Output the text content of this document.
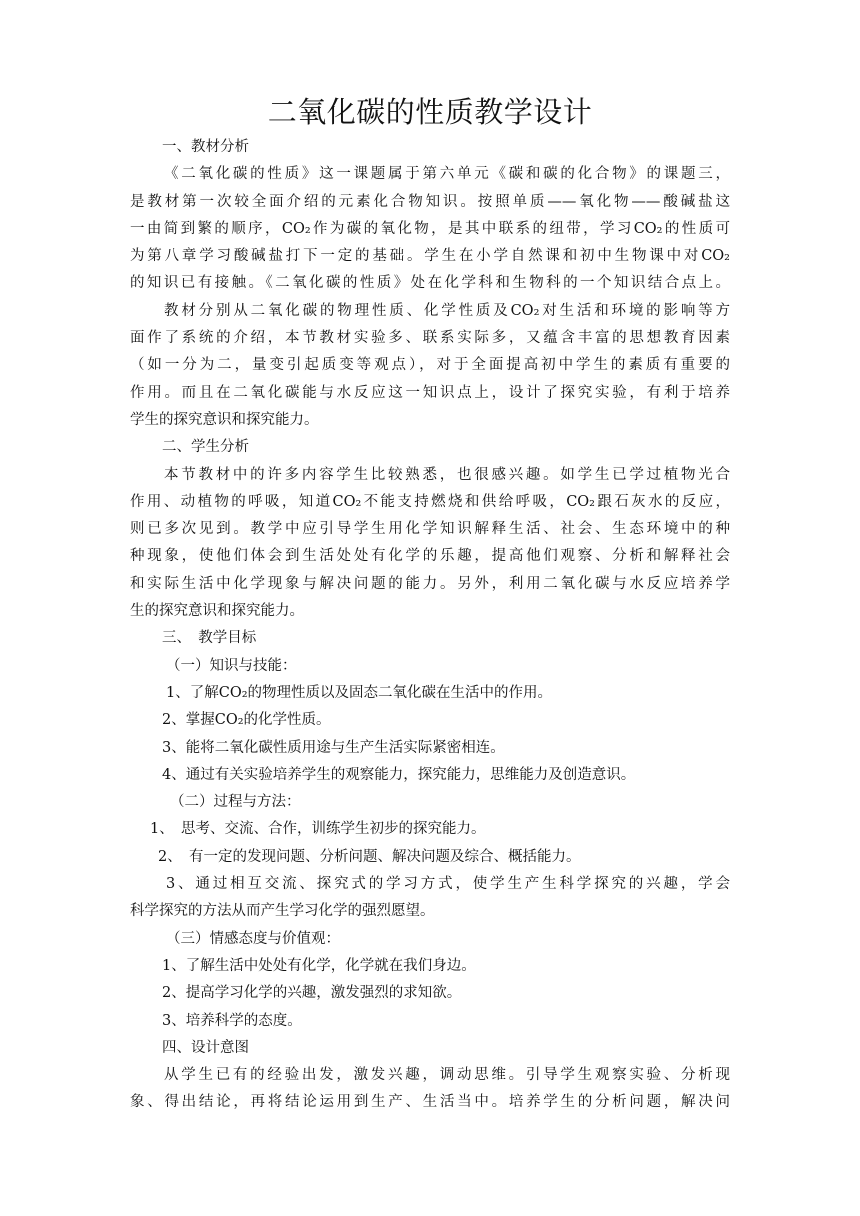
二氧化碳的性质教学设计
一、教材分析
《二氧化碳的性质》这一课题属于第六单元《碳和碳的化合物》的课题三，
是教材第一次较全面介绍的元素化合物知识。按照单质——氧化物——酸碱盐这
一由简到繁的顺序，CO₂作为碳的氧化物，是其中联系的纽带，学习CO₂的性质可
为第八章学习酸碱盐打下一定的基础。学生在小学自然课和初中生物课中对CO₂
的知识已有接触。《二氧化碳的性质》处在化学科和生物科的一个知识结合点上。
教材分别从二氧化碳的物理性质、化学性质及CO₂对生活和环境的影响等方
面作了系统的介绍，本节教材实验多、联系实际多，又蕴含丰富的思想教育因素
（如一分为二，量变引起质变等观点），对于全面提高初中学生的素质有重要的
作用。而且在二氧化碳能与水反应这一知识点上，设计了探究实验，有利于培养
学生的探究意识和探究能力。
二、学生分析
本节教材中的许多内容学生比较熟悉，也很感兴趣。如学生已学过植物光合
作用、动植物的呼吸，知道CO₂不能支持燃烧和供给呼吸，CO₂跟石灰水的反应，
则已多次见到。教学中应引导学生用化学知识解释生活、社会、生态环境中的种
种现象，使他们体会到生活处处有化学的乐趣，提高他们观察、分析和解释社会
和实际生活中化学现象与解决问题的能力。另外，利用二氧化碳与水反应培养学
生的探究意识和探究能力。
三、　教学目标
（一）知识与技能：
1、了解CO₂的物理性质以及固态二氧化碳在生活中的作用。
2、掌握CO₂的化学性质。
3、能将二氧化碳性质用途与生产生活实际紧密相连。
4、通过有关实验培养学生的观察能力，探究能力，思维能力及创造意识。
（二）过程与方法：
1、　思考、交流、合作，训练学生初步的探究能力。
2、　有一定的发现问题、分析问题、解决问题及综合、概括能力。
3、通过相互交流、探究式的学习方式，使学生产生科学探究的兴趣，学会
科学探究的方法从而产生学习化学的强烈愿望。
（三）情感态度与价值观：
1、了解生活中处处有化学，化学就在我们身边。
2、提高学习化学的兴趣，激发强烈的求知欲。
3、培养科学的态度。
四、设计意图
从学生已有的经验出发，激发兴趣，调动思维。引导学生观察实验、分析现
象、得出结论，再将结论运用到生产、生活当中。培养学生的分析问题，解决问
